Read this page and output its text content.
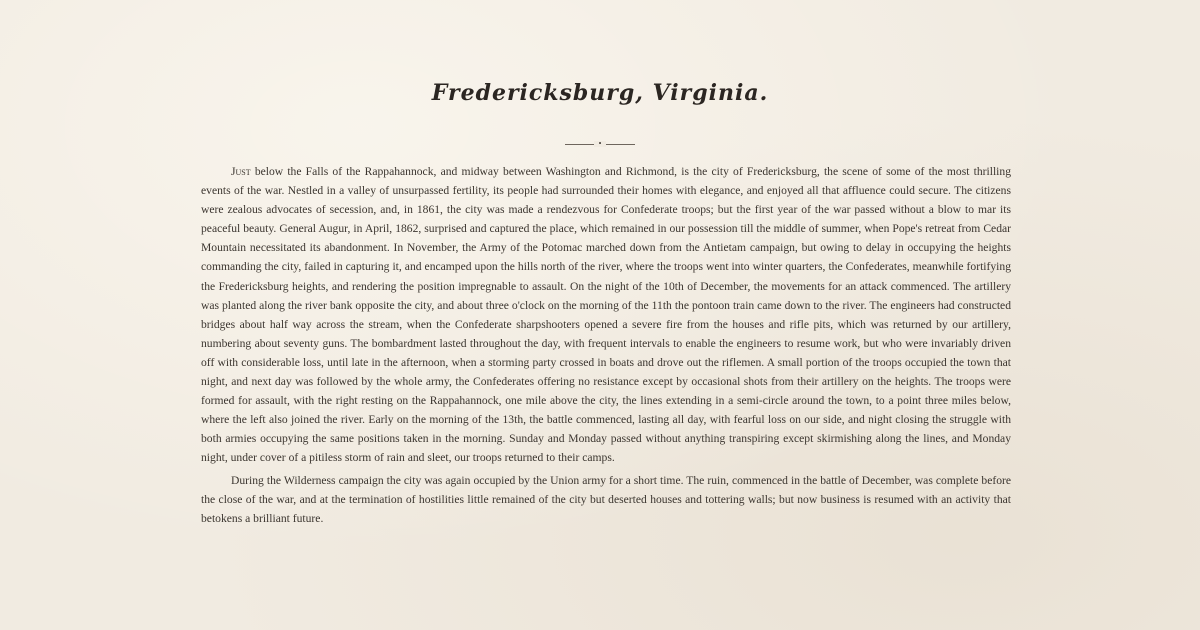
Fredericksburg, Virginia.
•

Just below the Falls of the Rappahannock, and midway between Washington and Richmond, is the city of Fredericksburg, the scene of some of the most thrilling events of the war. Nestled in a valley of unsurpassed fertility, its people had surrounded their homes with elegance, and enjoyed all that affluence could secure. The citizens were zealous advocates of secession, and, in 1861, the city was made a rendezvous for Confederate troops; but the first year of the war passed without a blow to mar its peaceful beauty. General Augur, in April, 1862, surprised and captured the place, which remained in our possession till the middle of summer, when Pope's retreat from Cedar Mountain necessitated its abandonment. In November, the Army of the Potomac marched down from the Antietam campaign, but owing to delay in occupying the heights commanding the city, failed in capturing it, and encamped upon the hills north of the river, where the troops went into winter quarters, the Confederates, meanwhile fortifying the Fredericksburg heights, and rendering the position impregnable to assault. On the night of the 10th of December, the movements for an attack commenced. The artillery was planted along the river bank opposite the city, and about three o'clock on the morning of the 11th the pontoon train came down to the river. The engineers had constructed bridges about half way across the stream, when the Confederate sharpshooters opened a severe fire from the houses and rifle pits, which was returned by our artillery, numbering about seventy guns. The bombardment lasted throughout the day, with frequent intervals to enable the engineers to resume work, but who were invariably driven off with considerable loss, until late in the afternoon, when a storming party crossed in boats and drove out the riflemen. A small portion of the troops occupied the town that night, and next day was followed by the whole army, the Confederates offering no resistance except by occasional shots from their artillery on the heights. The troops were formed for assault, with the right resting on the Rappahannock, one mile above the city, the lines extending in a semi-circle around the town, to a point three miles below, where the left also joined the river. Early on the morning of the 13th, the battle commenced, lasting all day, with fearful loss on our side, and night closing the struggle with both armies occupying the same positions taken in the morning. Sunday and Monday passed without anything transpiring except skirmishing along the lines, and Monday night, under cover of a pitiless storm of rain and sleet, our troops returned to their camps.

During the Wilderness campaign the city was again occupied by the Union army for a short time. The ruin, commenced in the battle of December, was complete before the close of the war, and at the termination of hostilities little remained of the city but deserted houses and tottering walls; but now business is resumed with an activity that betokens a brilliant future.
